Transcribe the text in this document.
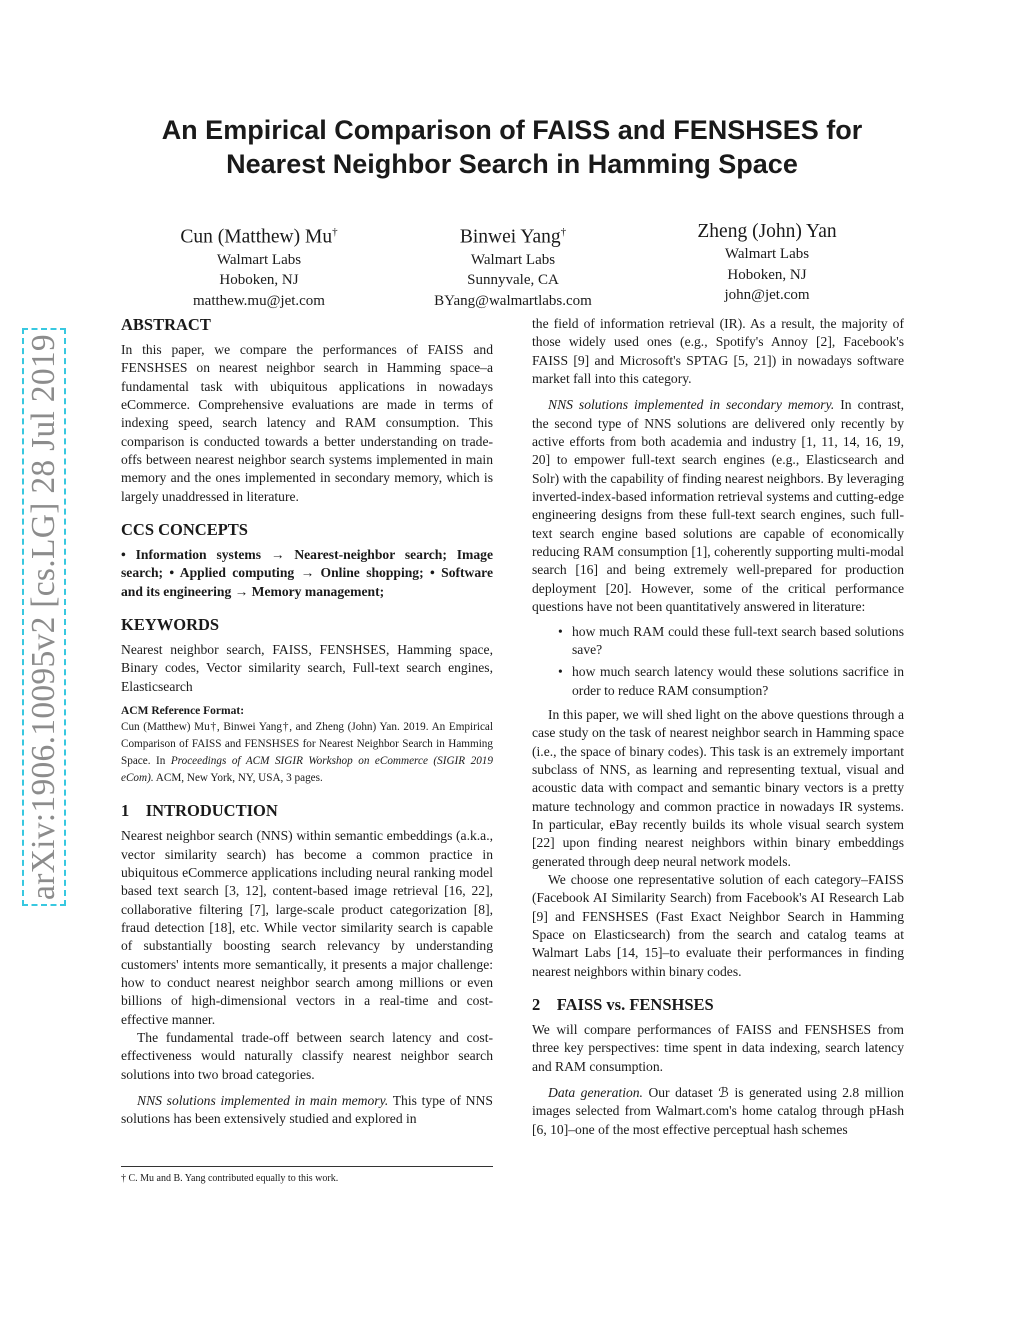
arXiv:1906.10095v2 [cs.LG] 28 Jul 2019
An Empirical Comparison of FAISS and FENSHSES for
Nearest Neighbor Search in Hamming Space
Cun (Matthew) Mu†
Walmart Labs
Hoboken, NJ
matthew.mu@jet.com
Binwei Yang†
Walmart Labs
Sunnyvale, CA
BYang@walmartlabs.com
Zheng (John) Yan
Walmart Labs
Hoboken, NJ
john@jet.com
ABSTRACT

In this paper, we compare the performances of FAISS and FENSHSES on nearest neighbor search in Hamming space–a fundamental task with ubiquitous applications in nowadays eCommerce. Comprehensive evaluations are made in terms of indexing speed, search latency and RAM consumption. This comparison is conducted towards a better understanding on trade-offs between nearest neighbor search systems implemented in main memory and the ones implemented in secondary memory, which is largely unaddressed in literature.

CCS CONCEPTS

• Information systems → Nearest-neighbor search; Image search; • Applied computing → Online shopping; • Software and its engineering → Memory management;

KEYWORDS

Nearest neighbor search, FAISS, FENSHSES, Hamming space, Binary codes, Vector similarity search, Full-text search engines, Elasticsearch

ACM Reference Format:

Cun (Matthew) Mu†, Binwei Yang†, and Zheng (John) Yan. 2019. An Empirical Comparison of FAISS and FENSHSES for Nearest Neighbor Search in Hamming Space. In Proceedings of ACM SIGIR Workshop on eCommerce (SIGIR 2019 eCom). ACM, New York, NY, USA, 3 pages.

1    INTRODUCTION

Nearest neighbor search (NNS) within semantic embeddings (a.k.a., vector similarity search) has become a common practice in ubiquitous eCommerce applications including neural ranking model based text search [3, 12], content-based image retrieval [16, 22], collaborative filtering [7], large-scale product categorization [8], fraud detection [18], etc. While vector similarity search is capable of substantially boosting search relevancy by understanding customers' intents more semantically, it presents a major challenge: how to conduct nearest neighbor search among millions or even billions of high-dimensional vectors in a real-time and cost-effective manner.

The fundamental trade-off between search latency and cost-effectiveness would naturally classify nearest neighbor search solutions into two broad categories.

NNS solutions implemented in main memory. This type of NNS solutions has been extensively studied and explored in

the field of information retrieval (IR). As a result, the majority of those widely used ones (e.g., Spotify's Annoy [2], Facebook's FAISS [9] and Microsoft's SPTAG [5, 21]) in nowadays software market fall into this category.

NNS solutions implemented in secondary memory. In contrast, the second type of NNS solutions are delivered only recently by active efforts from both academia and industry [1, 11, 14, 16, 19, 20] to empower full-text search engines (e.g., Elasticsearch and Solr) with the capability of finding nearest neighbors. By leveraging inverted-index-based information retrieval systems and cutting-edge engineering designs from these full-text search engines, such full-text search engine based solutions are capable of economically reducing RAM consumption [1], coherently supporting multi-modal search [16] and being extremely well-prepared for production deployment [20]. However, some of the critical performance questions have not been quantitatively answered in literature:

• how much RAM could these full-text search based solutions save?
• how much search latency would these solutions sacrifice in order to reduce RAM consumption?

In this paper, we will shed light on the above questions through a case study on the task of nearest neighbor search in Hamming space (i.e., the space of binary codes). This task is an extremely important subclass of NNS, as learning and representing textual, visual and acoustic data with compact and semantic binary vectors is a pretty mature technology and common practice in nowadays IR systems. In particular, eBay recently builds its whole visual search system [22] upon finding nearest neighbors within binary embeddings generated through deep neural network models.

We choose one representative solution of each category–FAISS (Facebook AI Similarity Search) from Facebook's AI Research Lab [9] and FENSHSES (Fast Exact Neighbor Search in Hamming Space on Elasticsearch) from the search and catalog teams at Walmart Labs [14, 15]–to evaluate their performances in finding nearest neighbors within binary codes.

2    FAISS vs. FENSHSES

We will compare performances of FAISS and FENSHSES from three key perspectives: time spent in data indexing, search latency and RAM consumption.

Data generation. Our dataset ℬ is generated using 2.8 million images selected from Walmart.com's home catalog through pHash [6, 10]–one of the most effective perceptual hash schemes

† C. Mu and B. Yang contributed equally to this work.
